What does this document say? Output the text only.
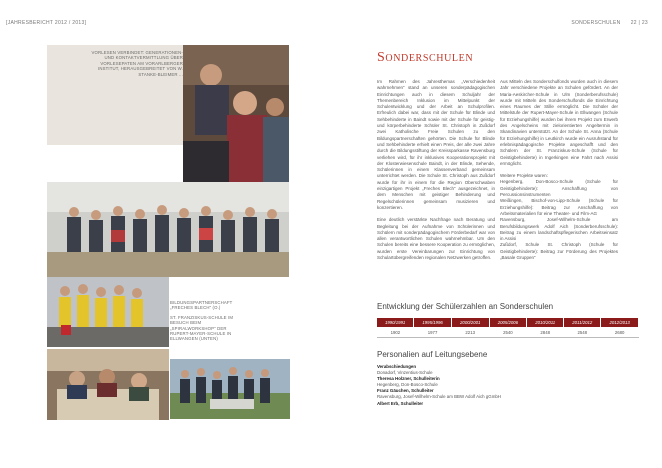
[JAHRESBERICHT 2012 / 2013]	SONDERSCHULEN 22 | 23
VORLESEN VERBINDET: GENERATIONEN- UND KONTAKTVERMITTLUNG ÜBER VORLESEPATEN AM VORARLBERGER INSTITUT, HERAUSGEBREITET VON W. STANKE-BLEIMER ...
BILDUNGSPARTNERSCHAFT „FRECHES BLECH“ (O.)
ST. FRANZISKUS-SCHULE IM BESUCH BEIM „SPIRALWORKSHOP“ DER RUPERT-MAYER-SCHULE IN ELLWANGEN (UNTEN)
Sonderschulen

Im Rahmen des Jahresthemas „Verschiedenheit wahrnehmen“ stand an unseren sonderpädagogischen Einrichtungen auch in diesem Schuljahr der Themenbereich Inklusion im Mittelpunkt der Schulentwicklung und der Arbeit an Schulprofilen. Erfreulich dabei war, dass mit der Schule für Blinde und Sehbehinderte in Baindt sowie mit der Schule für geistig- und körperbehinderte Schüler St. Christoph in Zußdorf zwei Katholische Freie Schulen zu den Bildungspartnerschaften gehörten. Die Schule für Blinde und Sehbehinderte erhielt einen Preis, der alle zwei Jahre durch die Bildungsstiftung der Kreissparkasse Ravensburg verliehen wird, für ihr inklusives Kooperationsprojekt mit der Klosterwiesenschule Baindt, in der Blinde, Sehende, Schülerinnen in einem Klassenverband gemeinsam unterrichtet werden. Die Schule St. Christoph aus Zußdorf wurde für ihr in einem für die Region Oberschwaben einzigartigen Projekt „Freches Blech“ ausgezeichnet, in dem Menschen mit geistiger Behinderung und Regelschülerinnen gemeinsam musizieren und konzertieren.

Eine deutlich verstärkte Nachfrage nach Beratung und Begleitung bei der Aufnahme von Schülerinnen und Schülern mit sonderpädagogischem Förderbedarf war von allen verantwortlichen Schulen wahrnehmbar. Um den Schulen bereits eine bessere Kooperation zu ermöglichen, wurden erste Vereinbarungen zur Einrichtung von Schulartübergreifenden regionalen Netzwerken getroffen.

Aus Mitteln des Sonderschulfonds wurden auch in diesem Jahr verschiedene Projekte an Schulen gefördert. An der Maria-Aeskircher-Schule in Ulm (Sonderberufsschule) wurde mit Mitteln des Sonderschulfonds die Einrichtung eines Raumes der Stille ermöglicht. Die Schüler der Mittelstufe der Rupert-Mayer-Schule in Ellwangen (Schule für Erziehungshilfe) wurden bei ihrem Projekt zum Erwerb des Angelscheins mit zielorientierten Angeltermin in Skandinavien unterstützt. An der Schule St. Anna (Schule für Erziehungshilfe) in Leutkirch wurde ein Ausruhstand für erlebnispädagogische Projekte angeschafft und den Schülern der St. Franziskus-Schule (Schule für Geistigbehinderte) in Ingerkingen eine Fahrt nach Assisi ermöglicht.

Weitere Projekte waren:

Hegenberg, Don-Bosco-Schule (Schule für Geistigbehinderte): Anschaffung von Percussionsinstrumenten

Weißingen, Bischof-von-Lipp-Schule (Schule für Erziehungshilfe): Beitrag zur Anschaffung von Arbeitsmaterialien für eine Theater- und Film-AG

Ravensburg, Josef-Wilhelm-Schule am Berufsbildungswerk Adolf Aich (Sonderberufsschule): Beitrag zu einem landschaftspflegerischen Arbeitseinsatz in Assisi

Zußdorf, Schule St. Christoph (Schule für Geistigbehinderte): Beitrag zur Förderung des Projektes „Basale Gruppen“

Entwicklung der Schülerzahlen an Sonderschulen
1990/1991	1995/1996	2000/2001	2005/2006	2010/2011	2011/2012	2012/2013
1902	1977	2213	2540	2848	2548	2680
Personalien auf Leitungsebene
Verabschiedungen
Donadorf, Vinzentius-Schule
Theresa Holzner, Schulleiterin
Hegenberg, Don-Bosco-Schule
Franz Gäuchen, Schulleiter
Ravensburg, Josef-Wilhelm-Schule am BBW Adolf Aich gGmbH
Albert Erb, Schulleiter
